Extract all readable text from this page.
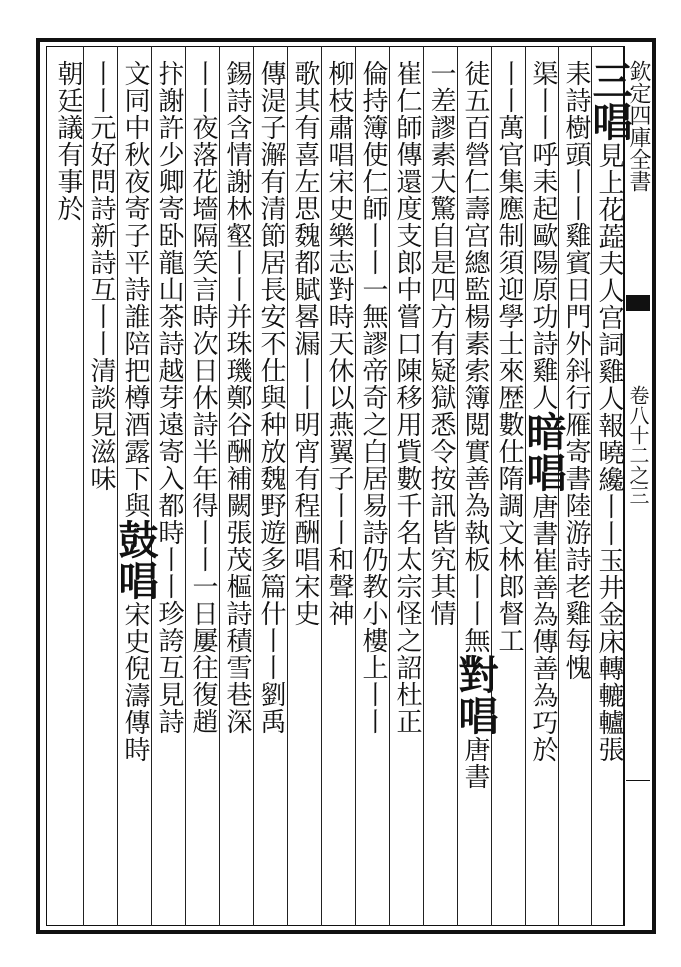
欽定四庫全書
卷八十二之三
三唱見上花蕋夫人宫詞雞人報曉纔丨丨玉井金床轉轆轤張
耒詩樹頭丨丨雞賓日門外斜行雁寄書陸游詩老雞每愧
渠丨丨呼耒起歐陽原功詩雞人暗唱唐書崔善為傳善為巧於
丨丨萬官集應制須迎學士來歴數仕隋調文林郎督工
徒五百營仁壽宫總監楊素索簿閲實善為執板丨丨無對唱唐書
一差謬素大驚自是四方有疑獄悉令按訊皆究其情
崔仁師傳還度支郎中嘗口陳移用貲數千名太宗怪之詔杜正
倫持簿使仁師丨丨一無謬帝奇之白居易詩仍教小樓上丨丨
柳枝肅唱宋史樂志對時天休以燕翼子丨丨和聲神
歌其有喜左思魏都賦晷漏丨丨明宵有程酬唱宋史
傳湜子澥有清節居長安不仕與种放魏野遊多篇什丨丨劉禹
錫詩含情謝林壑丨丨并珠璣鄭谷酬補闕張茂樞詩積雪巷深
丨丨夜落花墻隔笑言時次日休詩半年得丨丨一日屢往復趙
抃謝許少卿寄卧龍山茶詩越芽遠寄入都時丨丨珍誇互見詩
文同中秋夜寄子平詩誰陪把樽酒露下與鼓唱宋史倪濤傳時
丨丨元好問詩新詩互丨丨清談見滋味
朝廷議有事於
